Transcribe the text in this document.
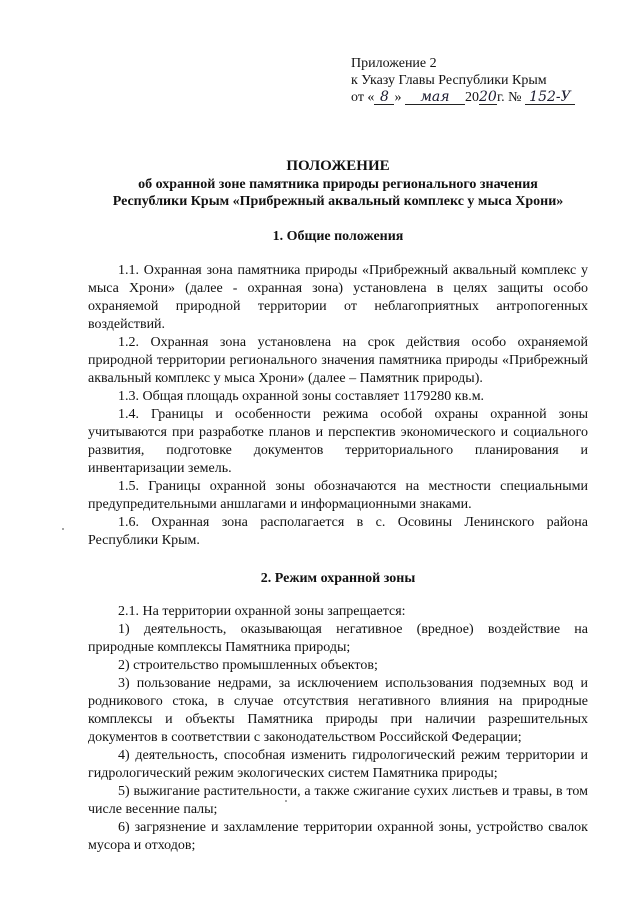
Приложение 2
к Указу Главы Республики Крым
от « 8 » мая 2020г. № 152-У
ПОЛОЖЕНИЕ
об охранной зоне памятника природы регионального значения
Республики Крым «Прибрежный аквальный комплекс у мыса Хрони»
1. Общие положения

1.1. Охранная зона памятника природы «Прибрежный аквальный комплекс у мыса Хрони» (далее - охранная зона) установлена в целях защиты особо охраняемой природной территории от неблагоприятных антропогенных воздействий.

1.2. Охранная зона установлена на срок действия особо охраняемой природной территории регионального значения памятника природы «Прибрежный аквальный комплекс у мыса Хрони» (далее – Памятник природы).

1.3. Общая площадь охранной зоны составляет 1179280 кв.м.

1.4. Границы и особенности режима особой охраны охранной зоны учитываются при разработке планов и перспектив экономического и социального развития, подготовке документов территориального планирования и инвентаризации земель.

1.5. Границы охранной зоны обозначаются на местности специальными предупредительными аншлагами и информационными знаками.

1.6. Охранная зона располагается в с. Осовины Ленинского района Республики Крым.

2. Режим охранной зоны

2.1. На территории охранной зоны запрещается:

1) деятельность, оказывающая негативное (вредное) воздействие на природные комплексы Памятника природы;

2) строительство промышленных объектов;

3) пользование недрами, за исключением использования подземных вод и родникового стока, в случае отсутствия негативного влияния на природные комплексы и объекты Памятника природы при наличии разрешительных документов в соответствии с законодательством Российской Федерации;

4) деятельность, способная изменить гидрологический режим территории и гидрологический режим экологических систем Памятника природы;

5) выжигание растительности, а также сжигание сухих листьев и травы, в том числе весенние палы;

6) загрязнение и захламление территории охранной зоны, устройство свалок мусора и отходов;
